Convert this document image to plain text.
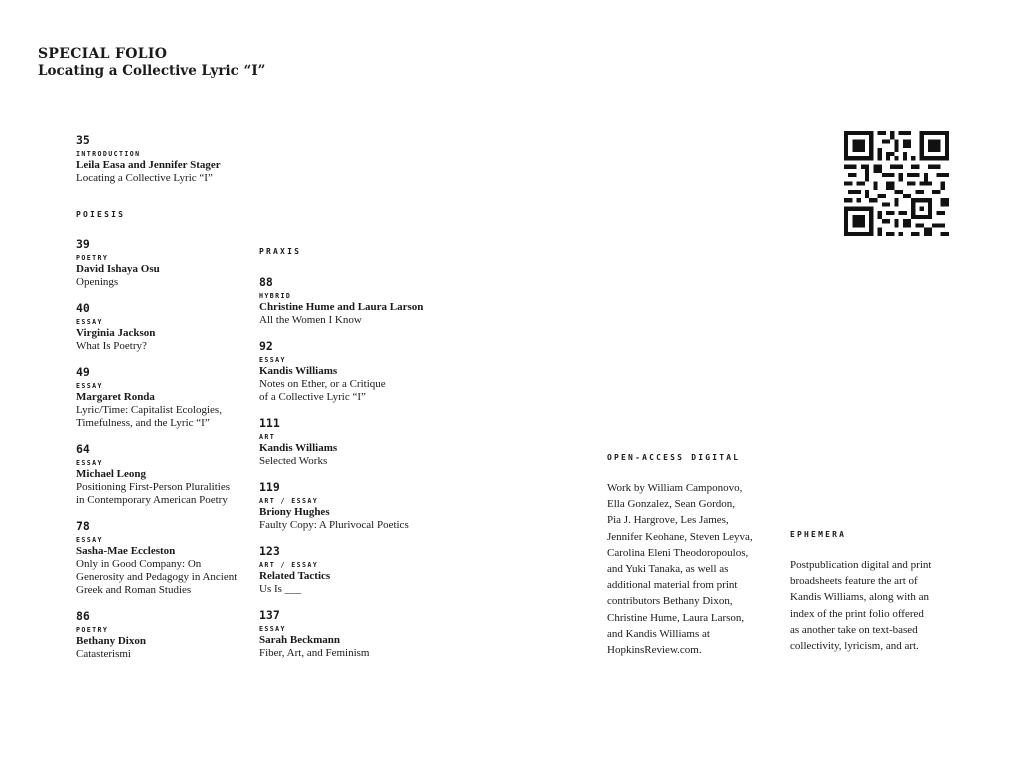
SPECIAL FOLIO
Locating a Collective Lyric “I”
35
INTRODUCTION
Leila Easa and Jennifer Stager
Locating a Collective Lyric “I”
POIESIS
39
POETRY
David Ishaya Osu
Openings
40
ESSAY
Virginia Jackson
What Is Poetry?
49
ESSAY
Margaret Ronda
Lyric/Time: Capitalist Ecologies,
Timefulness, and the Lyric “I”
64
ESSAY
Michael Leong
Positioning First-Person Pluralities
in Contemporary American Poetry
78
ESSAY
Sasha-Mae Eccleston
Only in Good Company: On
Generosity and Pedagogy in Ancient
Greek and Roman Studies
86
POETRY
Bethany Dixon
Catasterismi
PRAXIS
88
HYBRID
Christine Hume and Laura Larson
All the Women I Know
92
ESSAY
Kandis Williams
Notes on Ether, or a Critique
of a Collective Lyric “I”
111
ART
Kandis Williams
Selected Works
119
ART / ESSAY
Briony Hughes
Faulty Copy: A Plurivocal Poetics
123
ART / ESSAY
Related Tactics
Us Is ___
137
ESSAY
Sarah Beckmann
Fiber, Art, and Feminism
OPEN-ACCESS DIGITAL
Work by William Camponovo,
Ella Gonzalez, Sean Gordon,
Pia J. Hargrove, Les James,
Jennifer Keohane, Steven Leyva,
Carolina Eleni Theodoropoulos,
and Yuki Tanaka, as well as
additional material from print
contributors Bethany Dixon,
Christine Hume, Laura Larson,
and Kandis Williams at
HopkinsReview.com.
EPHEMERA
Postpublication digital and print
broadsheets feature the art of
Kandis Williams, along with an
index of the print folio offered
as another take on text-based
collectivity, lyricism, and art.
